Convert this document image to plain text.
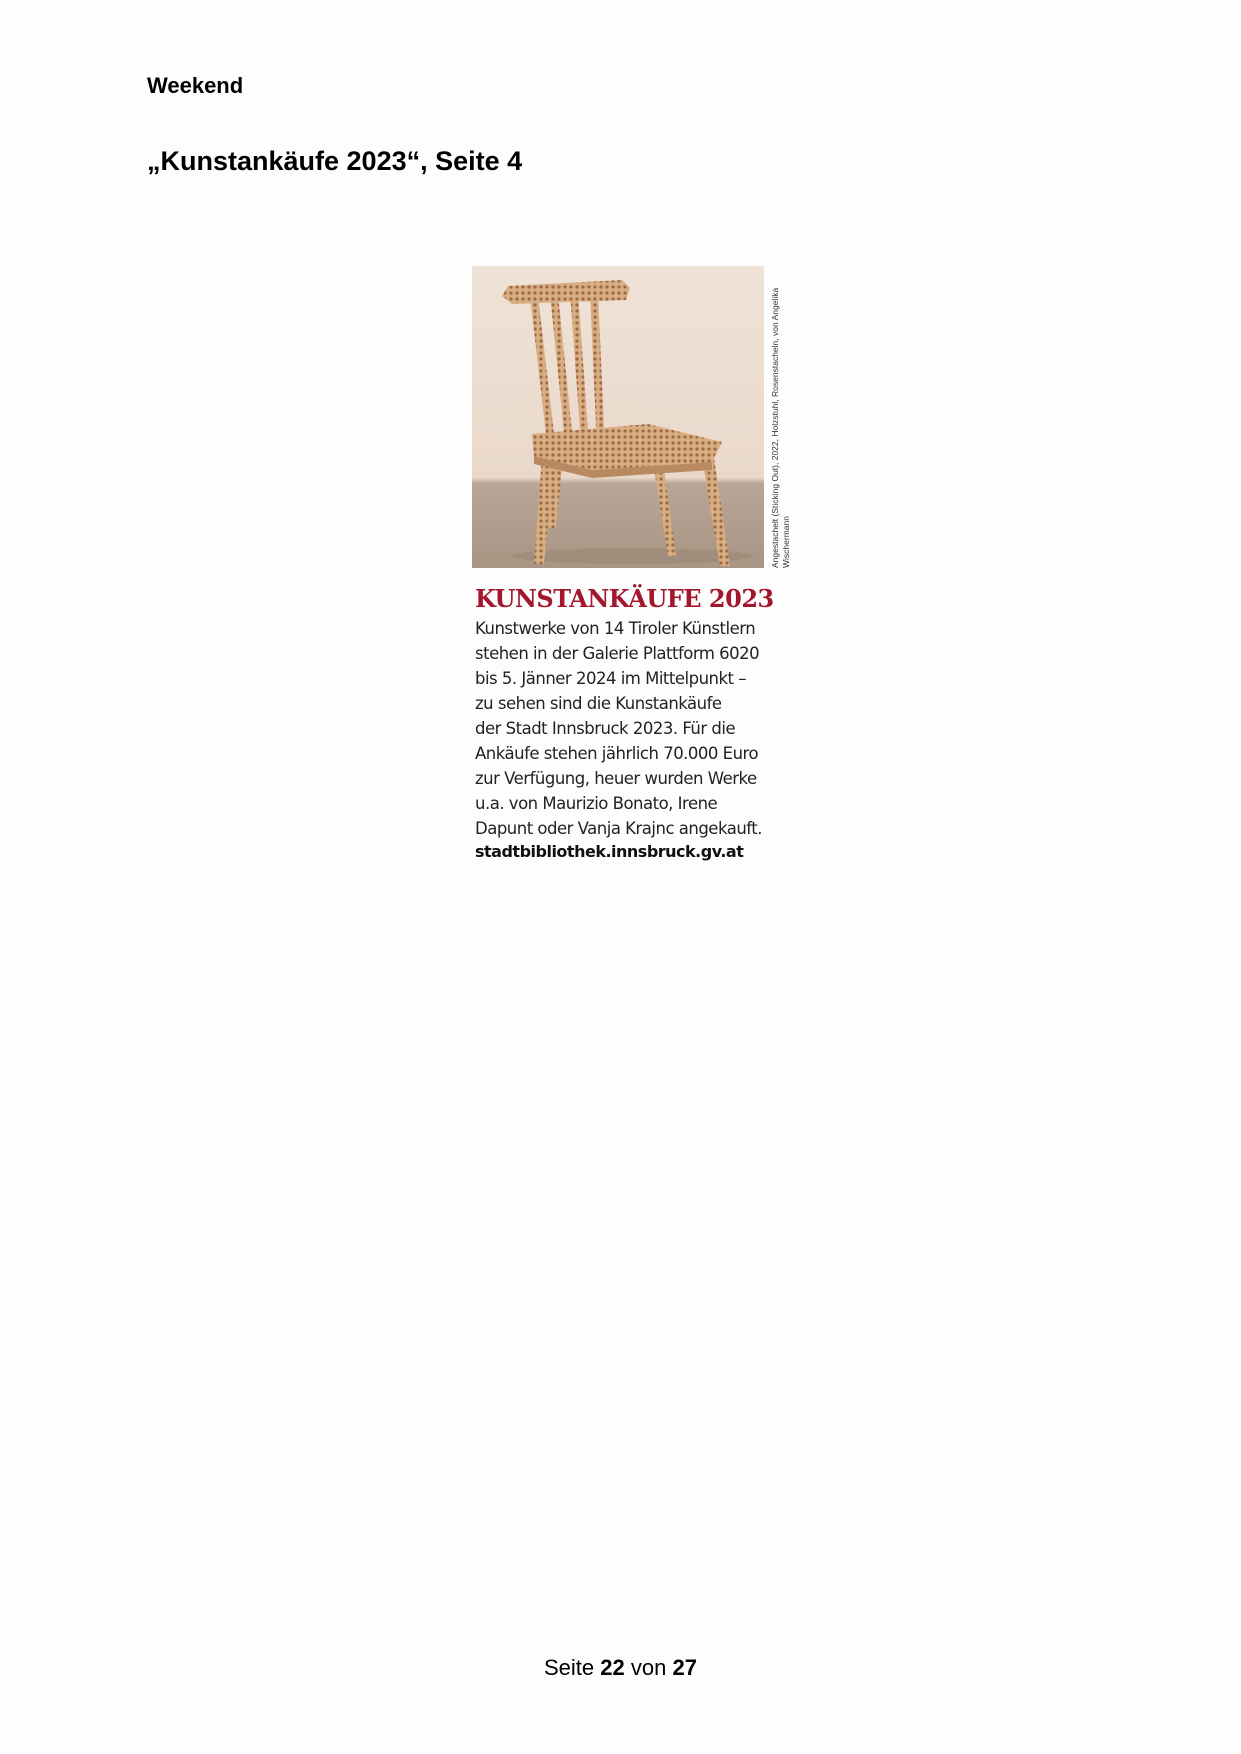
Weekend

„Kunstankäufe 2023“, Seite 4
Angestachelt (Sticking Out), 2022, Holzstuhl, Rosenstacheln, von Angelika Wischermann
KUNSTANKÄUFE 2023

Kunstwerke von 14 Tiroler Künstlern
stehen in der Galerie Plattform 6020
bis 5. Jänner 2024 im Mittelpunkt –
zu sehen sind die Kunstankäufe
der Stadt Innsbruck 2023. Für die
Ankäufe stehen jährlich 70.000 Euro
zur Verfügung, heuer wurden Werke
u.a. von Maurizio Bonato, Irene
Dapunt oder Vanja Krajnc angekauft.

stadtbibliothek.innsbruck.gv.at

Seite 22 von 27
